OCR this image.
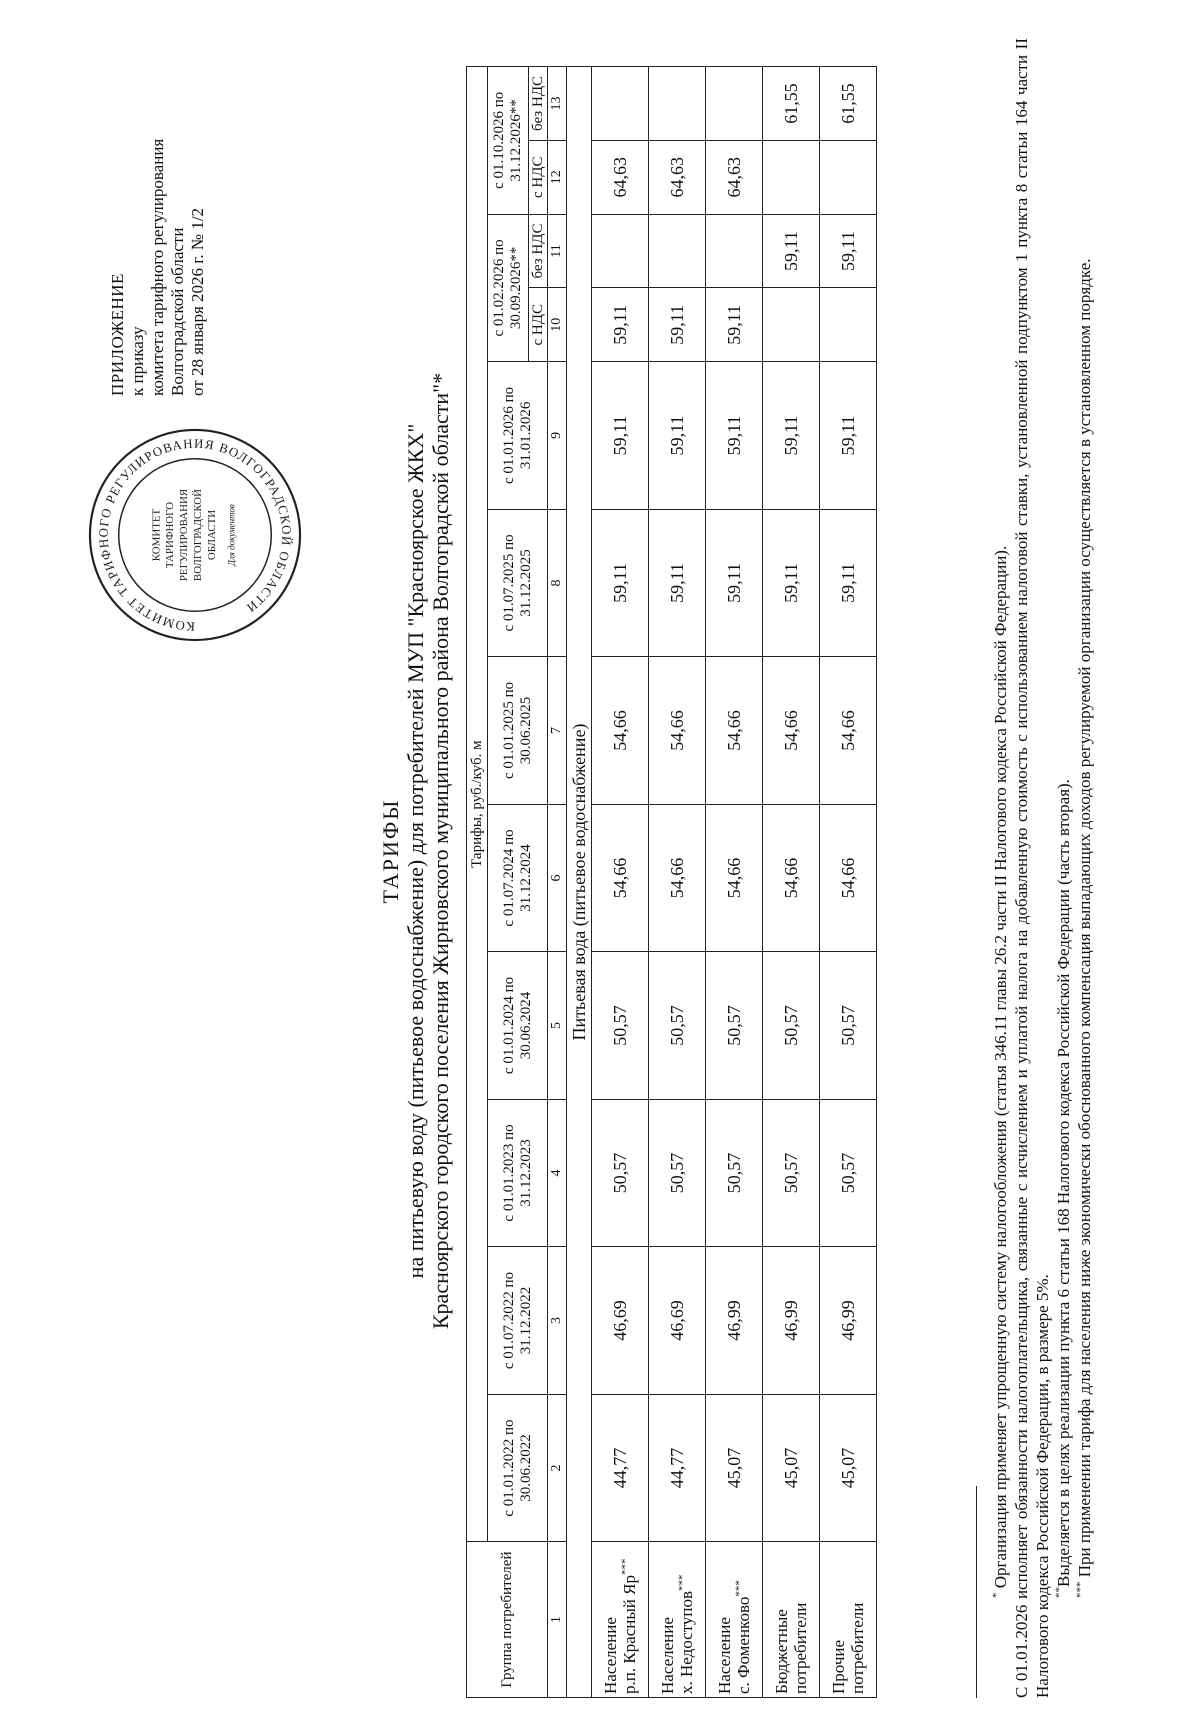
КОМИТЕТ ТАРИФНОГО РЕГУЛИРОВАНИЯ ВОЛГОГРАДСКОЙ ОБЛАСТИ
КОМИТЕТ ТАРИФНОГО РЕГУЛИРОВАНИЯ ВОЛГОГРАДСКОЙ ОБЛАСТИ Для документов
ПРИЛОЖЕНИЕ к приказу комитета тарифного регулирования Волгоградской области от 28 января 2026 г. № 1/2
ТАРИФЫ на питьевую воду (питьевое водоснабжение) для потребителей МУП "Красноярское ЖКХ" Красноярского городского поселения Жирновского муниципального района Волгоградской области"*
Группа потребителей	Тарифы, руб./куб. м											
	с 01.01.2022 по 30.06.2022	с 01.07.2022 по 31.12.2022	с 01.01.2023 по 31.12.2023	с 01.01.2024 по 30.06.2024	с 01.07.2024 по 31.12.2024	с 01.01.2025 по 30.06.2025	с 01.07.2025 по 31.12.2025	с 01.01.2026 по 31.01.2026	с 01.02.2026 по 30.09.2026**		с 01.10.2026 по 31.12.2026**	
									с НДС	без НДС	с НДС	без НДС
1	2	3	4	5	6	7	8	9	10	11	12	13
Питьевая вода (питьевое водоснабжение)												

Население р.п. Красный Яр***	44,77	46,69	50,57	50,57	54,66	54,66	59,11	59,11	59,11		64,63	

Население х. Недоступов***	44,77	46,69	50,57	50,57	54,66	54,66	59,11	59,11	59,11		64,63	

Население с. Фоменково***	45,07	46,99	50,57	50,57	54,66	54,66	59,11	59,11	59,11		64,63	

Бюджетные потребители	45,07	46,99	50,57	50,57	54,66	54,66	59,11	59,11		59,11		61,55

Прочие потребители	45,07	46,99	50,57	50,57	54,66	54,66	59,11	59,11		59,11		61,55

* Организация применяет упрощенную систему налогообложения (статья 346.11 главы 26.2 части II Налогового кодекса Российской Федерации). С 01.01.2026 исполняет обязанности налогоплательщика, связанные с исчислением и уплатой налога на добавленную стоимость с использованием налоговой ставки, установленной подпунктом 1 пункта 8 статьи 164 части II Налогового кодекса Российской Федерации, в размере 5%. **Выделяется в целях реализации пункта 6 статьи 168 Налогового кодекса Российской Федерации (часть вторая).

*** При применении тарифа для населения ниже экономически обоснованного компенсация выпадающих доходов регулируемой организации осуществляется в установленном порядке.
